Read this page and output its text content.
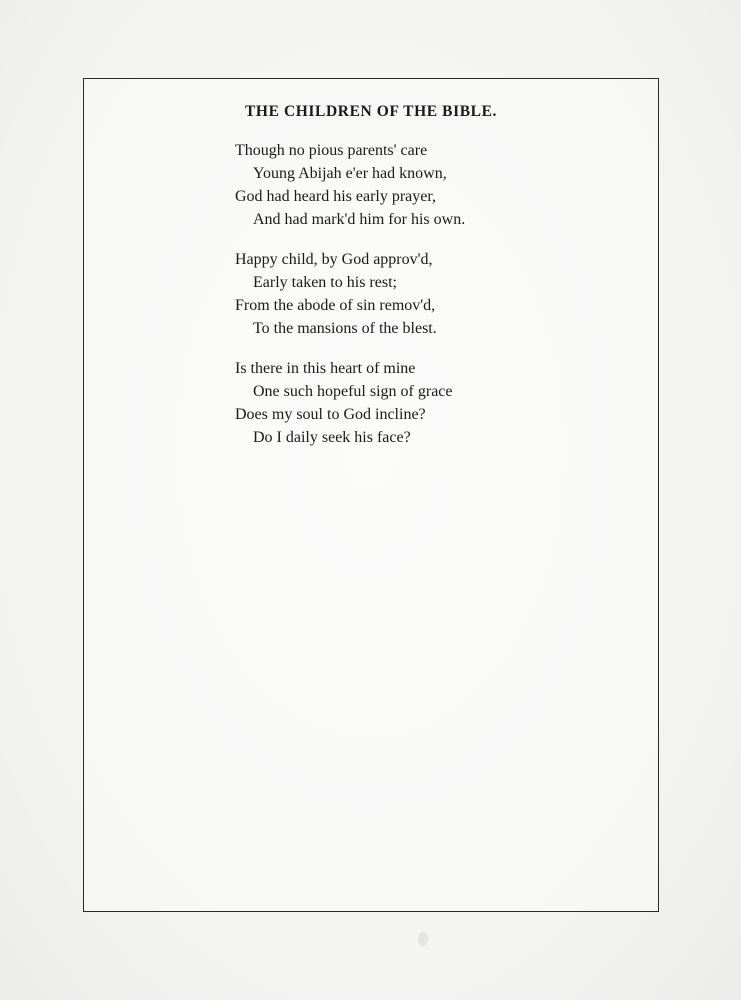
THE CHILDREN OF THE BIBLE.

Though no pious parents' care
Young Abijah e'er had known,
God had heard his early prayer,
And had mark'd him for his own.

Happy child, by God approv'd,
Early taken to his rest;
From the abode of sin remov'd,
To the mansions of the blest.

Is there in this heart of mine
One such hopeful sign of grace
Does my soul to God incline?
Do I daily seek his face?
